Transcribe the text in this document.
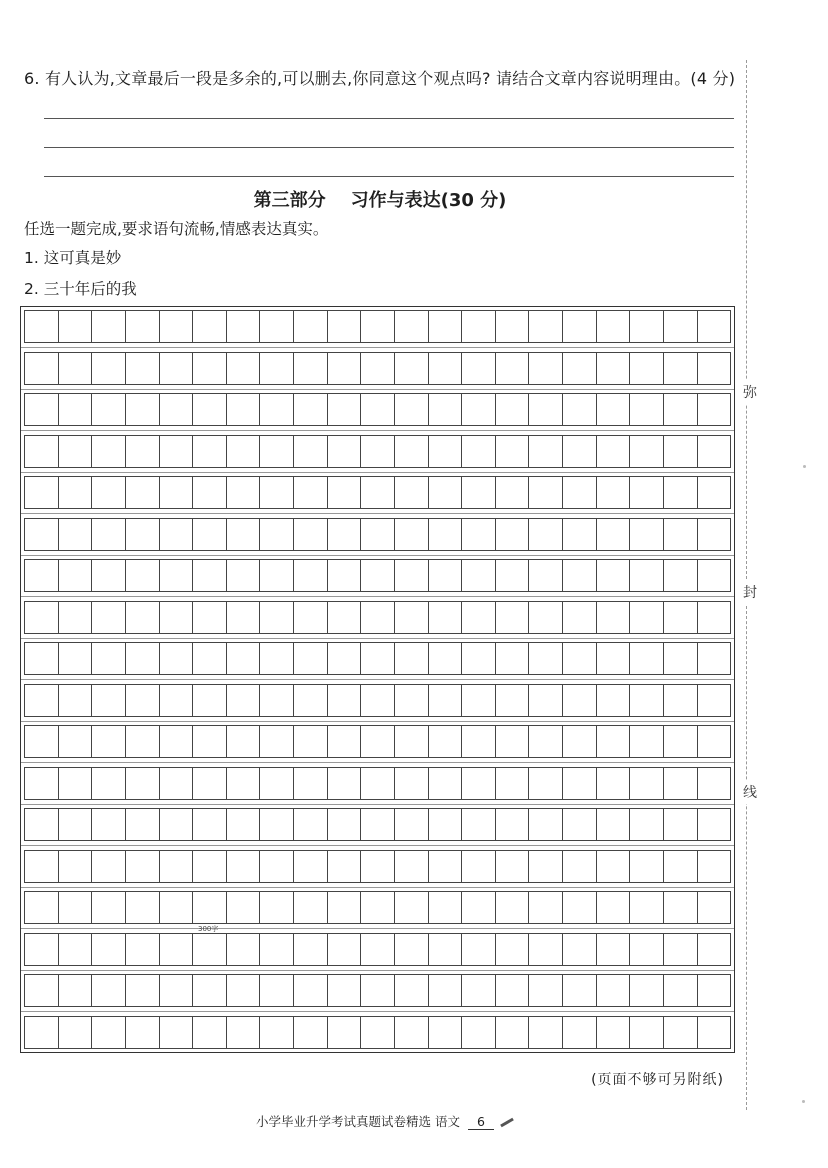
6. 有人认为,文章最后一段是多余的,可以删去,你同意这个观点吗? 请结合文章内容说明理由。(4 分)
第三部分    习作与表达(30 分)
任选一题完成,要求语句流畅,情感表达真实。
1. 这可真是妙
2. 三十年后的我
300字
弥
封
线
(页面不够可另附纸)
小学毕业升学考试真题试卷精选 语文 6
